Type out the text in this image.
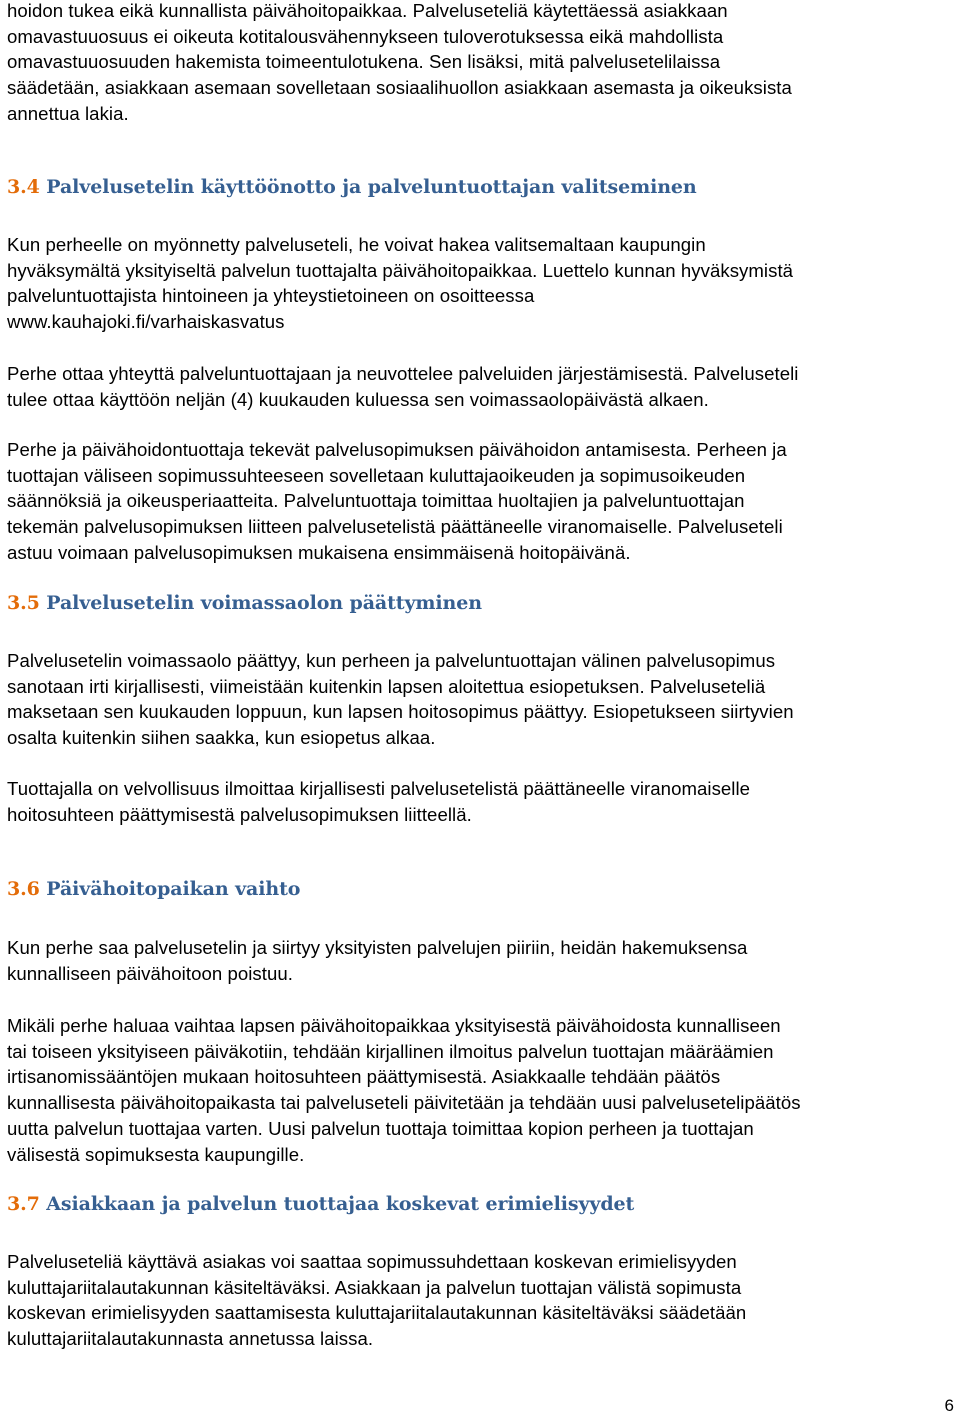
hoidon tukea eikä kunnallista päivähoitopaikkaa. Palveluseteliä käytettäessä asiakkaan
omavastuuosuus ei oikeuta kotitalousvähennykseen tuloverotuksessa eikä mahdollista
omavastuuosuuden hakemista toimeentulotukena. Sen lisäksi, mitä palvelusetelilaissa
säädetään, asiakkaan asemaan sovelletaan sosiaalihuollon asiakkaan asemasta ja oikeuksista
annettua lakia.

3.4 Palvelusetelin käyttöönotto ja palveluntuottajan valitseminen

Kun perheelle on myönnetty palveluseteli, he voivat hakea valitsemaltaan kaupungin
hyväksymältä yksityiseltä palvelun tuottajalta päivähoitopaikkaa. Luettelo kunnan hyväksymistä
palveluntuottajista hintoineen ja yhteystietoineen on osoitteessa
www.kauhajoki.fi/varhaiskasvatus

Perhe ottaa yhteyttä palveluntuottajaan ja neuvottelee palveluiden järjestämisestä. Palveluseteli
tulee ottaa käyttöön neljän (4) kuukauden kuluessa sen voimassaolopäivästä alkaen.

Perhe ja päivähoidontuottaja tekevät palvelusopimuksen päivähoidon antamisesta. Perheen ja
tuottajan väliseen sopimussuhteeseen sovelletaan kuluttajaoikeuden ja sopimusoikeuden
säännöksiä ja oikeusperiaatteita. Palveluntuottaja toimittaa huoltajien ja palveluntuottajan
tekemän palvelusopimuksen liitteen palvelusetelistä päättäneelle viranomaiselle. Palveluseteli
astuu voimaan palvelusopimuksen mukaisena ensimmäisenä hoitopäivänä.

3.5 Palvelusetelin voimassaolon päättyminen

Palvelusetelin voimassaolo päättyy, kun perheen ja palveluntuottajan välinen palvelusopimus
sanotaan irti kirjallisesti, viimeistään kuitenkin lapsen aloitettua esiopetuksen. Palveluseteliä
maksetaan sen kuukauden loppuun, kun lapsen hoitosopimus päättyy. Esiopetukseen siirtyvien
osalta kuitenkin siihen saakka, kun esiopetus alkaa.

Tuottajalla on velvollisuus ilmoittaa kirjallisesti palvelusetelistä päättäneelle viranomaiselle
hoitosuhteen päättymisestä palvelusopimuksen liitteellä.

3.6 Päivähoitopaikan vaihto

Kun perhe saa palvelusetelin ja siirtyy yksityisten palvelujen piiriin, heidän hakemuksensa
kunnalliseen päivähoitoon poistuu.

Mikäli perhe haluaa vaihtaa lapsen päivähoitopaikkaa yksityisestä päivähoidosta kunnalliseen
tai toiseen yksityiseen päiväkotiin, tehdään kirjallinen ilmoitus palvelun tuottajan määräämien
irtisanomissääntöjen mukaan hoitosuhteen päättymisestä. Asiakkaalle tehdään päätös
kunnallisesta päivähoitopaikasta tai palveluseteli päivitetään ja tehdään uusi palvelusetelipäätös
uutta palvelun tuottajaa varten. Uusi palvelun tuottaja toimittaa kopion perheen ja tuottajan
välisestä sopimuksesta kaupungille.

3.7 Asiakkaan ja palvelun tuottajaa koskevat erimielisyydet

Palveluseteliä käyttävä asiakas voi saattaa sopimussuhdettaan koskevan erimielisyyden
kuluttajariitalautakunnan käsiteltäväksi. Asiakkaan ja palvelun tuottajan välistä sopimusta
koskevan erimielisyyden saattamisesta kuluttajariitalautakunnan käsiteltäväksi säädetään
kuluttajariitalautakunnasta annetussa laissa.

6
